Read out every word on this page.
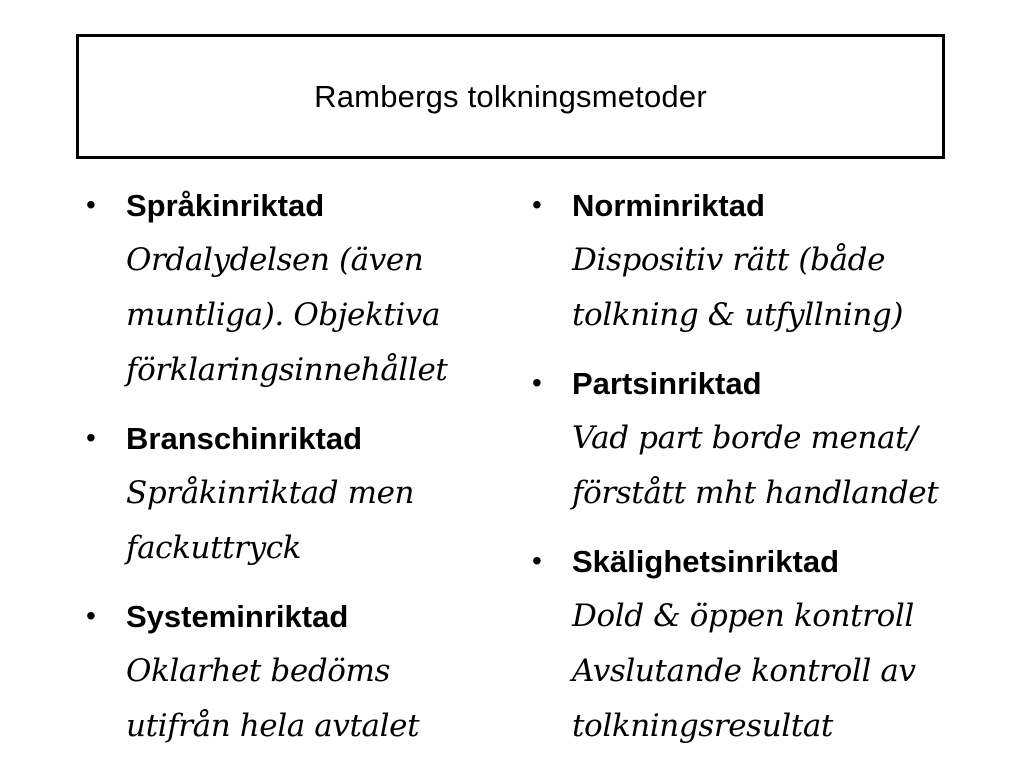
Rambergs tolkningsmetoder
• Språkinriktad
Ordalydelsen (även
muntliga). Objektiva
förklaringsinnehållet
• Branschinriktad
Språkinriktad men
fackuttryck
• Systeminriktad
Oklarhet bedöms
utifrån hela avtalet
• Norminriktad
Dispositiv rätt (både
tolkning & utfyllning)
• Partsinriktad
Vad part borde menat/
förstått mht handlandet
• Skälighetsinriktad
Dold & öppen kontroll
Avslutande kontroll av
tolkningsresultat
